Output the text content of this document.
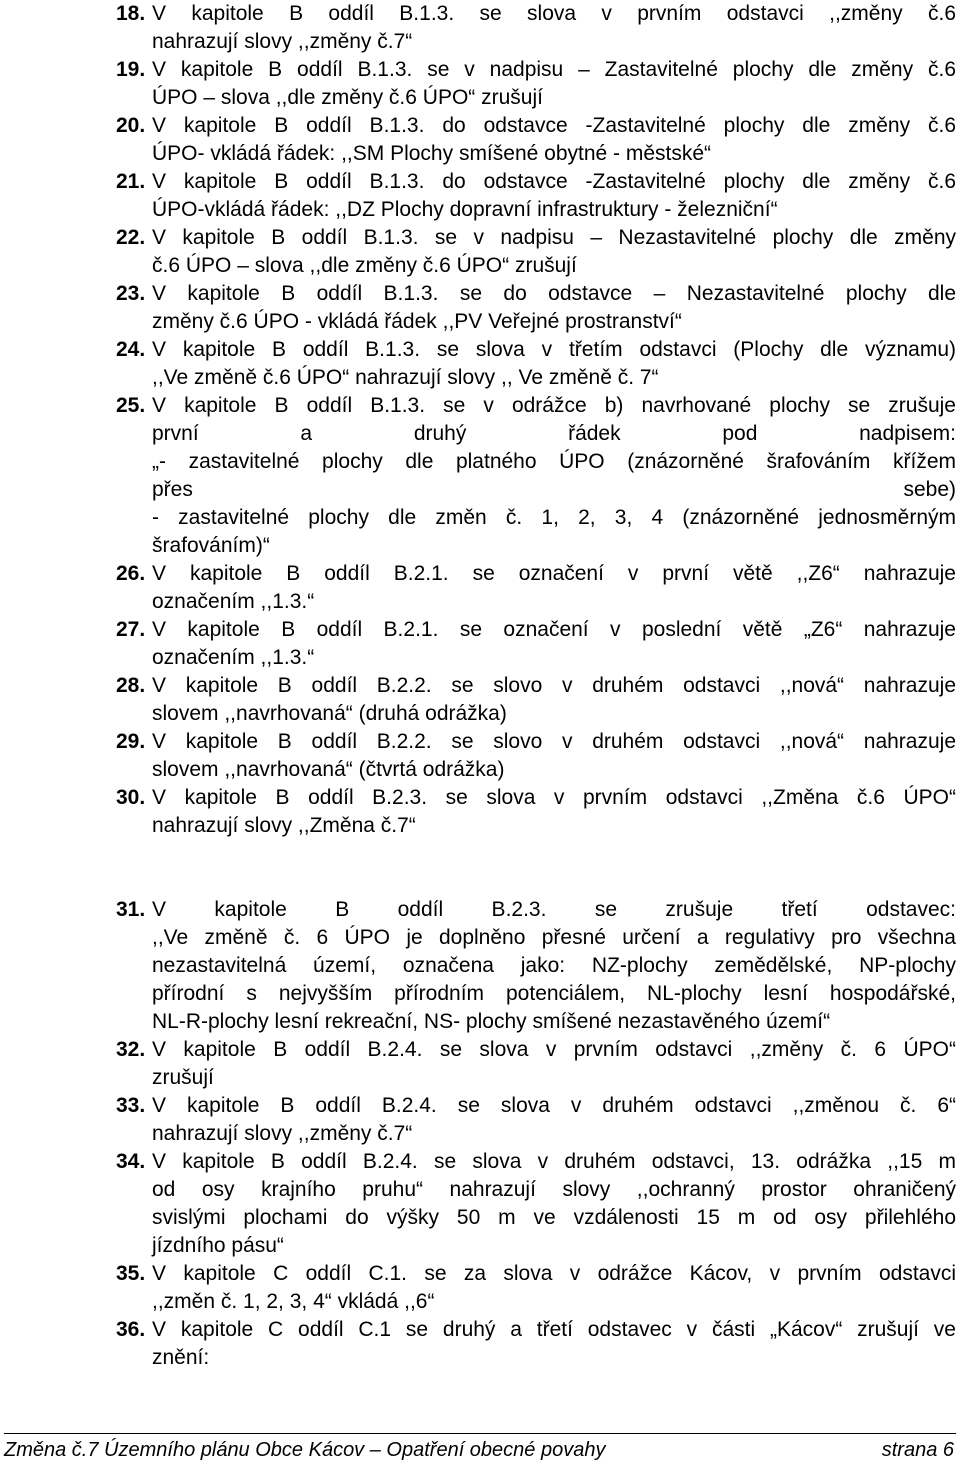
18. V kapitole B oddíl B.1.3. se slova v prvním odstavci ,,změny č.6
nahrazují slovy ,,změny č.7“
19. V kapitole B oddíl B.1.3. se v nadpisu – Zastavitelné plochy dle změny č.6
ÚPO – slova ,,dle změny č.6 ÚPO“ zrušují
20. V kapitole B oddíl B.1.3. do odstavce -Zastavitelné plochy dle změny č.6
ÚPO- vkládá řádek: ,,SM Plochy smíšené obytné - městské“
21. V kapitole B oddíl B.1.3. do odstavce -Zastavitelné plochy dle změny č.6
ÚPO-vkládá řádek: ,,DZ Plochy dopravní infrastruktury - železniční“
22. V kapitole B oddíl B.1.3. se v nadpisu – Nezastavitelné plochy dle změny
č.6 ÚPO – slova ,,dle změny č.6 ÚPO“ zrušují
23. V kapitole B oddíl B.1.3. se do odstavce – Nezastavitelné plochy dle
změny č.6 ÚPO - vkládá řádek ,,PV Veřejné prostranství“
24. V kapitole B oddíl B.1.3. se slova v třetím odstavci (Plochy dle významu)
,,Ve změně č.6 ÚPO“ nahrazují slovy ,, Ve změně č. 7“
25. V kapitole B oddíl B.1.3. se v odrážce b) navrhované plochy se zrušuje
první a druhý řádek pod nadpisem:
„- zastavitelné plochy dle platného ÚPO (znázorněné šrafováním křížem
přes sebe)
- zastavitelné plochy dle změn č. 1, 2, 3, 4 (znázorněné jednosměrným
šrafováním)“
26. V kapitole B oddíl B.2.1. se označení v první větě ,,Z6“ nahrazuje
označením ,,1.3.“
27. V kapitole B oddíl B.2.1. se označení v poslední větě „Z6“ nahrazuje
označením ,,1.3.“
28. V kapitole B oddíl B.2.2. se slovo v druhém odstavci ,,nová“ nahrazuje
slovem ,,navrhovaná“ (druhá odrážka)
29. V kapitole B oddíl B.2.2. se slovo v druhém odstavci ,,nová“ nahrazuje
slovem ,,navrhovaná“ (čtvrtá odrážka)
30. V kapitole B oddíl B.2.3. se slova v prvním odstavci ,,Změna č.6 ÚPO“
nahrazují slovy ,,Změna č.7“
31. V kapitole B oddíl B.2.3. se zrušuje třetí odstavec:
,,Ve změně č. 6 ÚPO je doplněno přesné určení a regulativy pro všechna
nezastavitelná území, označena jako: NZ-plochy zemědělské, NP-plochy
přírodní s nejvyšším přírodním potenciálem, NL-plochy lesní hospodářské,
NL-R-plochy lesní rekreační, NS- plochy smíšené nezastavěného území“
32. V kapitole B oddíl B.2.4. se slova v prvním odstavci ,,změny č. 6 ÚPO“
zrušují
33. V kapitole B oddíl B.2.4. se slova v druhém odstavci ,,změnou č. 6“
nahrazují slovy ,,změny č.7“
34. V kapitole B oddíl B.2.4. se slova v druhém odstavci, 13. odrážka ,,15 m
od osy krajního pruhu“ nahrazují slovy ,,ochranný prostor ohraničený
svislými plochami do výšky 50 m ve vzdálenosti 15 m od osy přilehlého
jízdního pásu“
35. V kapitole C oddíl C.1. se za slova v odrážce Kácov, v prvním odstavci
,,změn č. 1, 2, 3, 4“ vkládá ,,6“
36. V kapitole C oddíl C.1 se druhý a třetí odstavec v části „Kácov“ zrušují ve
znění:
Změna č.7 Územního plánu Obce Kácov – Opatření obecné povahy	strana 6
